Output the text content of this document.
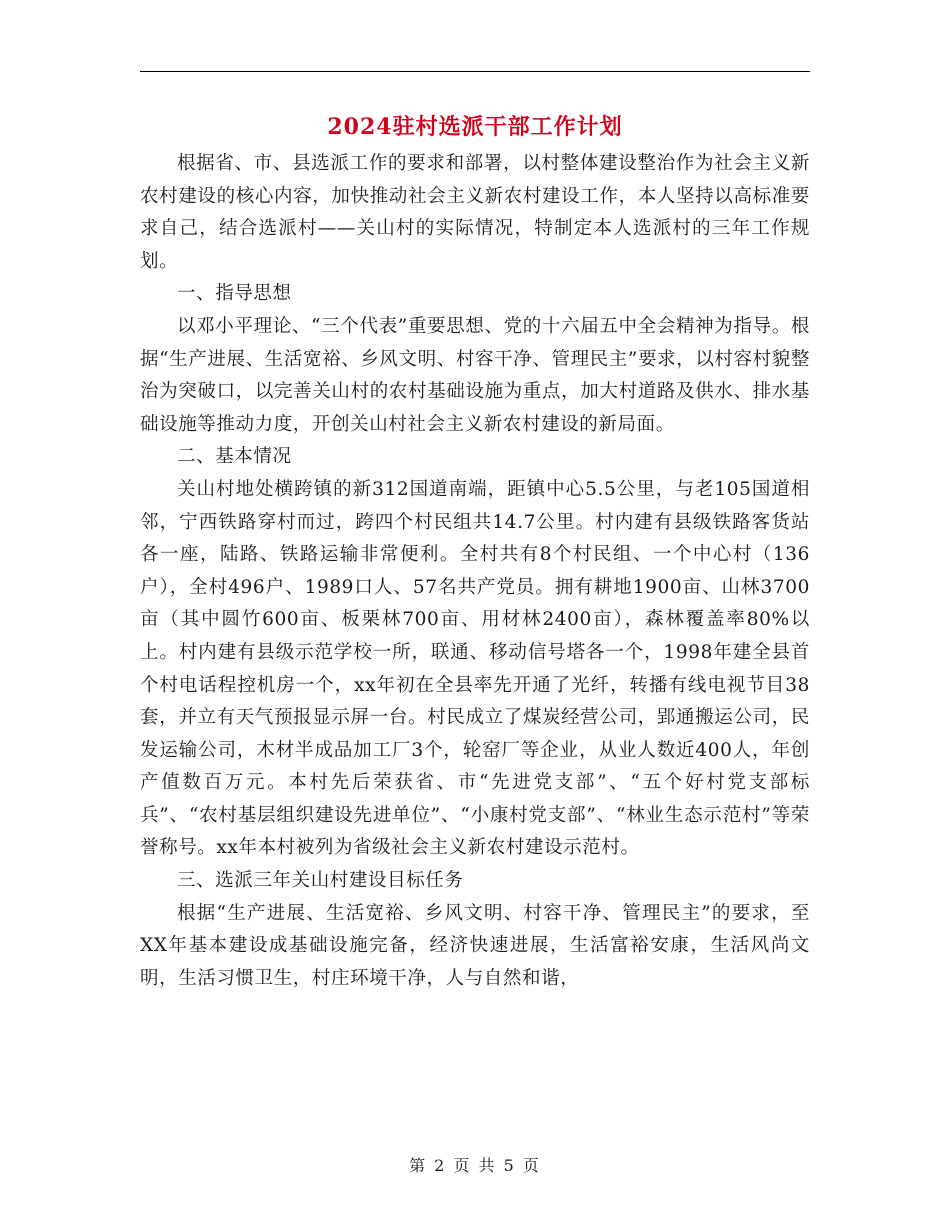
2024驻村选派干部工作计划

根据省、市、县选派工作的要求和部署，以村整体建设整治作为社会主义新农村建设的核心内容，加快推动社会主义新农村建设工作，本人坚持以高标准要求自己，结合选派村——关山村的实际情况，特制定本人选派村的三年工作规划。

一、指导思想

以邓小平理论、“三个代表”重要思想、党的十六届五中全会精神为指导。根据“生产进展、生活宽裕、乡风文明、村容干净、管理民主”要求，以村容村貌整治为突破口，以完善关山村的农村基础设施为重点，加大村道路及供水、排水基础设施等推动力度，开创关山村社会主义新农村建设的新局面。

二、基本情况

关山村地处横跨镇的新312国道南端，距镇中心5.5公里，与老105国道相邻，宁西铁路穿村而过，跨四个村民组共14.7公里。村内建有县级铁路客货站各一座，陆路、铁路运输非常便利。全村共有8个村民组、一个中心村（136户），全村496户、1989口人、57名共产党员。拥有耕地1900亩、山林3700亩（其中圆竹600亩、板栗林700亩、用材林2400亩），森林覆盖率80%以上。村内建有县级示范学校一所，联通、移动信号塔各一个，1998年建全县首个村电话程控机房一个，xx年初在全县率先开通了光纤，转播有线电视节目38套，并立有天气预报显示屏一台。村民成立了煤炭经营公司，郢通搬运公司，民发运输公司，木材半成品加工厂3个，轮窑厂等企业，从业人数近400人，年创产值数百万元。本村先后荣获省、市“先进党支部”、“五个好村党支部标兵”、“农村基层组织建设先进单位”、“小康村党支部”、“林业生态示范村”等荣誉称号。xx年本村被列为省级社会主义新农村建设示范村。

三、选派三年关山村建设目标任务

根据“生产进展、生活宽裕、乡风文明、村容干净、管理民主”的要求，至XX年基本建设成基础设施完备，经济快速进展，生活富裕安康，生活风尚文明，生活习惯卫生，村庄环境干净，人与自然和谐，

第 2 页 共 5 页
